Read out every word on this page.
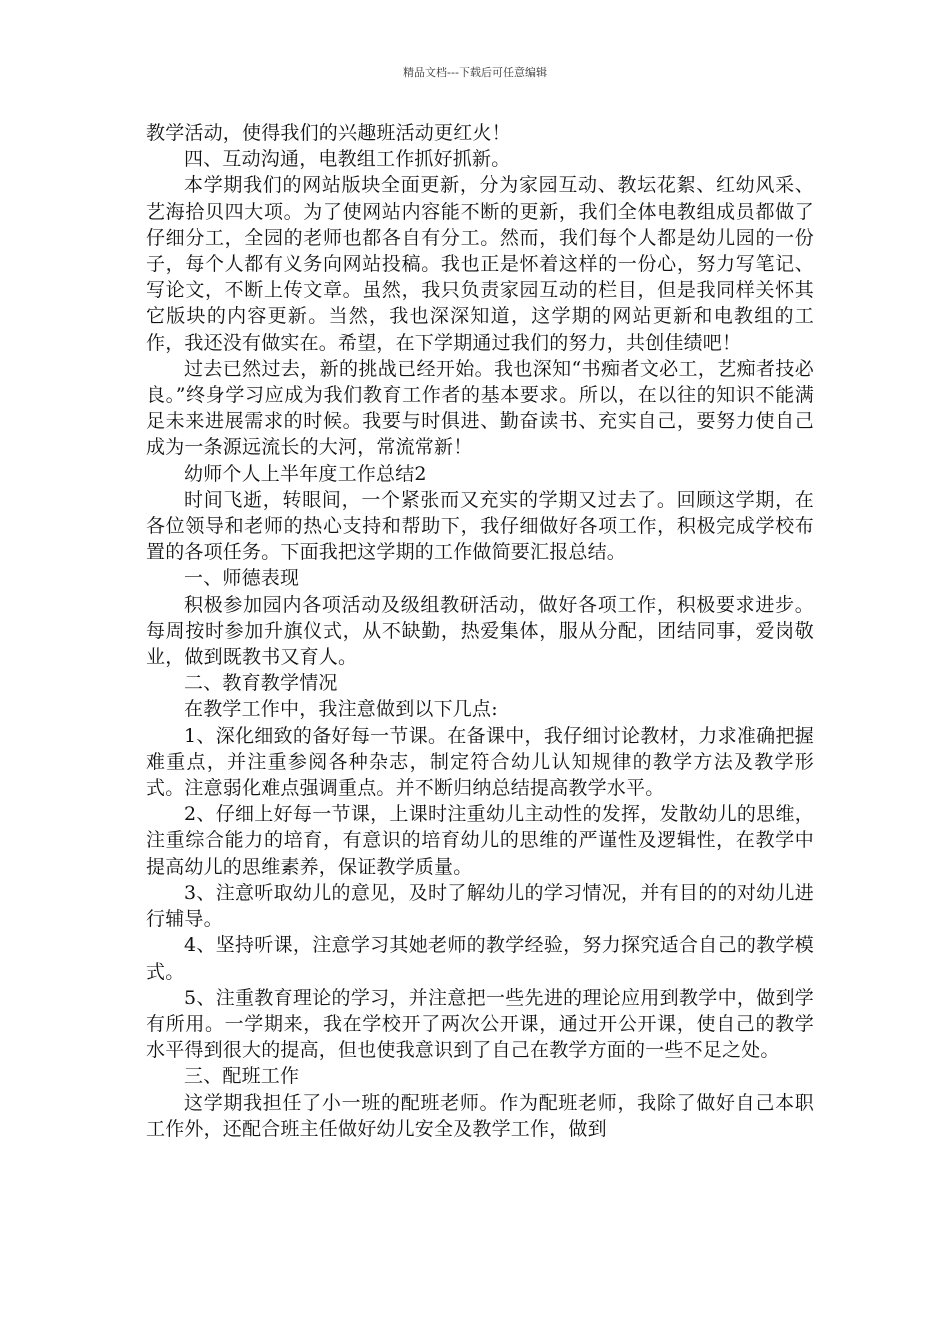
精品文档---下载后可任意编辑

教学活动，使得我们的兴趣班活动更红火！

四、互动沟通，电教组工作抓好抓新。

本学期我们的网站版块全面更新，分为家园互动、教坛花絮、红幼风采、艺海拾贝四大项。为了使网站内容能不断的更新，我们全体电教组成员都做了仔细分工，全园的老师也都各自有分工。然而，我们每个人都是幼儿园的一份子，每个人都有义务向网站投稿。我也正是怀着这样的一份心，努力写笔记、写论文，不断上传文章。虽然，我只负责家园互动的栏目，但是我同样关怀其它版块的内容更新。当然，我也深深知道，这学期的网站更新和电教组的工作，我还没有做实在。希望，在下学期通过我们的努力，共创佳绩吧！

过去已然过去，新的挑战已经开始。我也深知“书痴者文必工，艺痴者技必良。”终身学习应成为我们教育工作者的基本要求。所以，在以往的知识不能满足未来进展需求的时候。我要与时俱进、勤奋读书、充实自己，要努力使自己成为一条源远流长的大河，常流常新！

幼师个人上半年度工作总结2

时间飞逝，转眼间，一个紧张而又充实的学期又过去了。回顾这学期，在各位领导和老师的热心支持和帮助下，我仔细做好各项工作，积极完成学校布置的各项任务。下面我把这学期的工作做简要汇报总结。

一、师德表现

积极参加园内各项活动及级组教研活动，做好各项工作，积极要求进步。每周按时参加升旗仪式，从不缺勤，热爱集体，服从分配，团结同事，爱岗敬业，做到既教书又育人。

二、教育教学情况

在教学工作中，我注意做到以下几点:

1、深化细致的备好每一节课。在备课中，我仔细讨论教材，力求准确把握难重点，并注重参阅各种杂志，制定符合幼儿认知规律的教学方法及教学形式。注意弱化难点强调重点。并不断归纳总结提高教学水平。

2、仔细上好每一节课，上课时注重幼儿主动性的发挥，发散幼儿的思维，注重综合能力的培育，有意识的培育幼儿的思维的严谨性及逻辑性，在教学中提高幼儿的思维素养，保证教学质量。

3、注意听取幼儿的意见，及时了解幼儿的学习情况，并有目的的对幼儿进行辅导。

4、坚持听课，注意学习其她老师的教学经验，努力探究适合自己的教学模式。

5、注重教育理论的学习，并注意把一些先进的理论应用到教学中，做到学有所用。一学期来，我在学校开了两次公开课，通过开公开课，使自己的教学水平得到很大的提高，但也使我意识到了自己在教学方面的一些不足之处。

三、配班工作

这学期我担任了小一班的配班老师。作为配班老师，我除了做好自己本职工作外，还配合班主任做好幼儿安全及教学工作，做到
